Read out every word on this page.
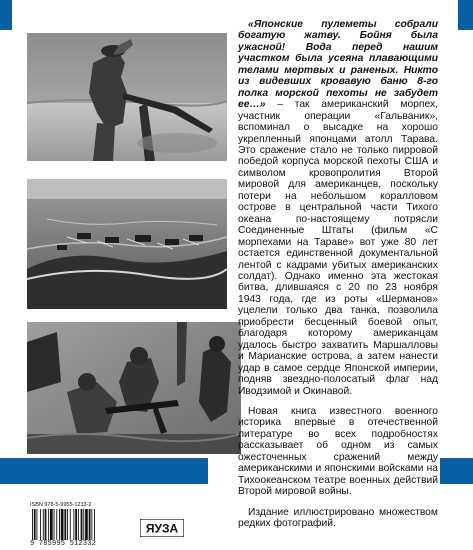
«Японские пулеметы собрали богатую жатву. Бойня была ужасной! Вода перед нашим участком была усеяна плавающими телами мертвых и раненых. Никто из видевших кровавую баню 8-го полка морской пехоты не забудет ее…» – так американский морпех, участник операции «Гальваник», вспоминал о высадке на хорошо укрепленный японцами атолл Тарава. Это сражение стало не только пирровой победой корпуса морской пехоты США и символом кровопролития Второй мировой для американцев, поскольку потери на небольшом коралловом острове в центральной части Тихого океана по-настоящему потрясли Соединенные Штаты (фильм «С морпехами на Тараве» вот уже 80 лет остается единственной документальной лентой с кадрами убитых американских солдат). Однако именно эта жестокая битва, длившаяся с 20 по 23 ноября 1943 года, где из роты «Шерманов» уцелели только два танка, позволила приобрести бесценный боевой опыт, благодаря которому американцам удалось быстро захватить Маршалловы и Марианские острова, а затем нанести удар в самое сердце Японской империи, подняв звездно-полосатый флаг над Иводзимой и Окинавой.

Новая книга известного военного историка впервые в отечественной литературе во всех подробностях рассказывает об одном из самых ожесточенных сражений между американскими и японскими войсками на Тихоокеанском театре военных действий Второй мировой войны.

Издание иллюстрировано множеством редких фотографий.

ISBN 978-5-9955-1233-2
9 785995 512332
ЯУЗА
